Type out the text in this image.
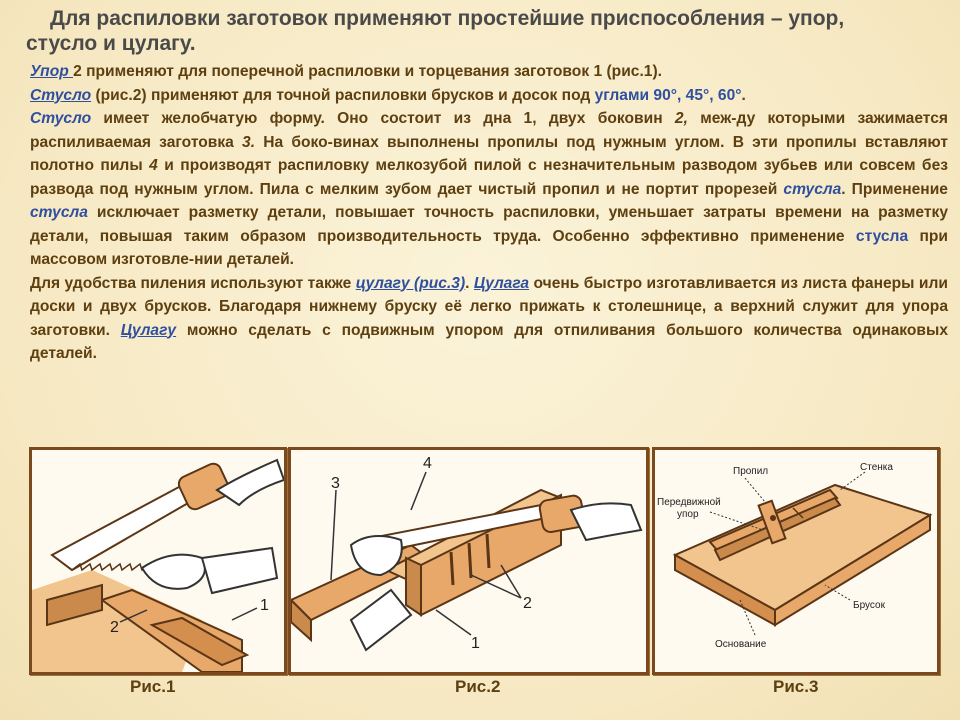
Для распиловки заготовок применяют простейшие приспособления – упор,
стусло и цулагу.

Упор 2 применяют для поперечной распиловки и торцевания заготовок 1 (рис.1).

Стусло (рис.2) применяют для точной распиловки брусков и досок под углами 90°, 45°, 60°.

Стусло имеет желобчатую форму. Оно состоит из дна 1, двух боковин 2, меж-ду которыми зажимается распиливаемая заготовка 3. На боко-винах выполнены пропилы под нужным углом. В эти пропилы вставляют полотно пилы 4 и производят распиловку мелкозубой пилой с незначительным разводом зубьев или совсем без развода под нужным углом. Пила с мелким зубом дает чистый пропил и не портит прорезей стусла. Применение стусла исключает разметку детали, повышает точность распиловки, уменьшает затраты времени на разметку детали, повышая таким образом производительность труда. Особенно эффективно применение стусла при массовом изготовле-нии деталей.

Для удобства пиления используют также цулагу (рис.3). Цулага очень быстро изготавливается из листа фанеры или доски и двух брусков. Благодаря нижнему бруску её легко прижать к столешнице, а верхний служит для упора заготовки. Цулагу можно сделать с подвижным упором для отпиливания большого количества одинаковых деталей.

2
1
4
3
2
1
Пропил	Стенка
Передвижной
упор
Брусок
Основание
Рис.1	Рис.2	Рис.3
